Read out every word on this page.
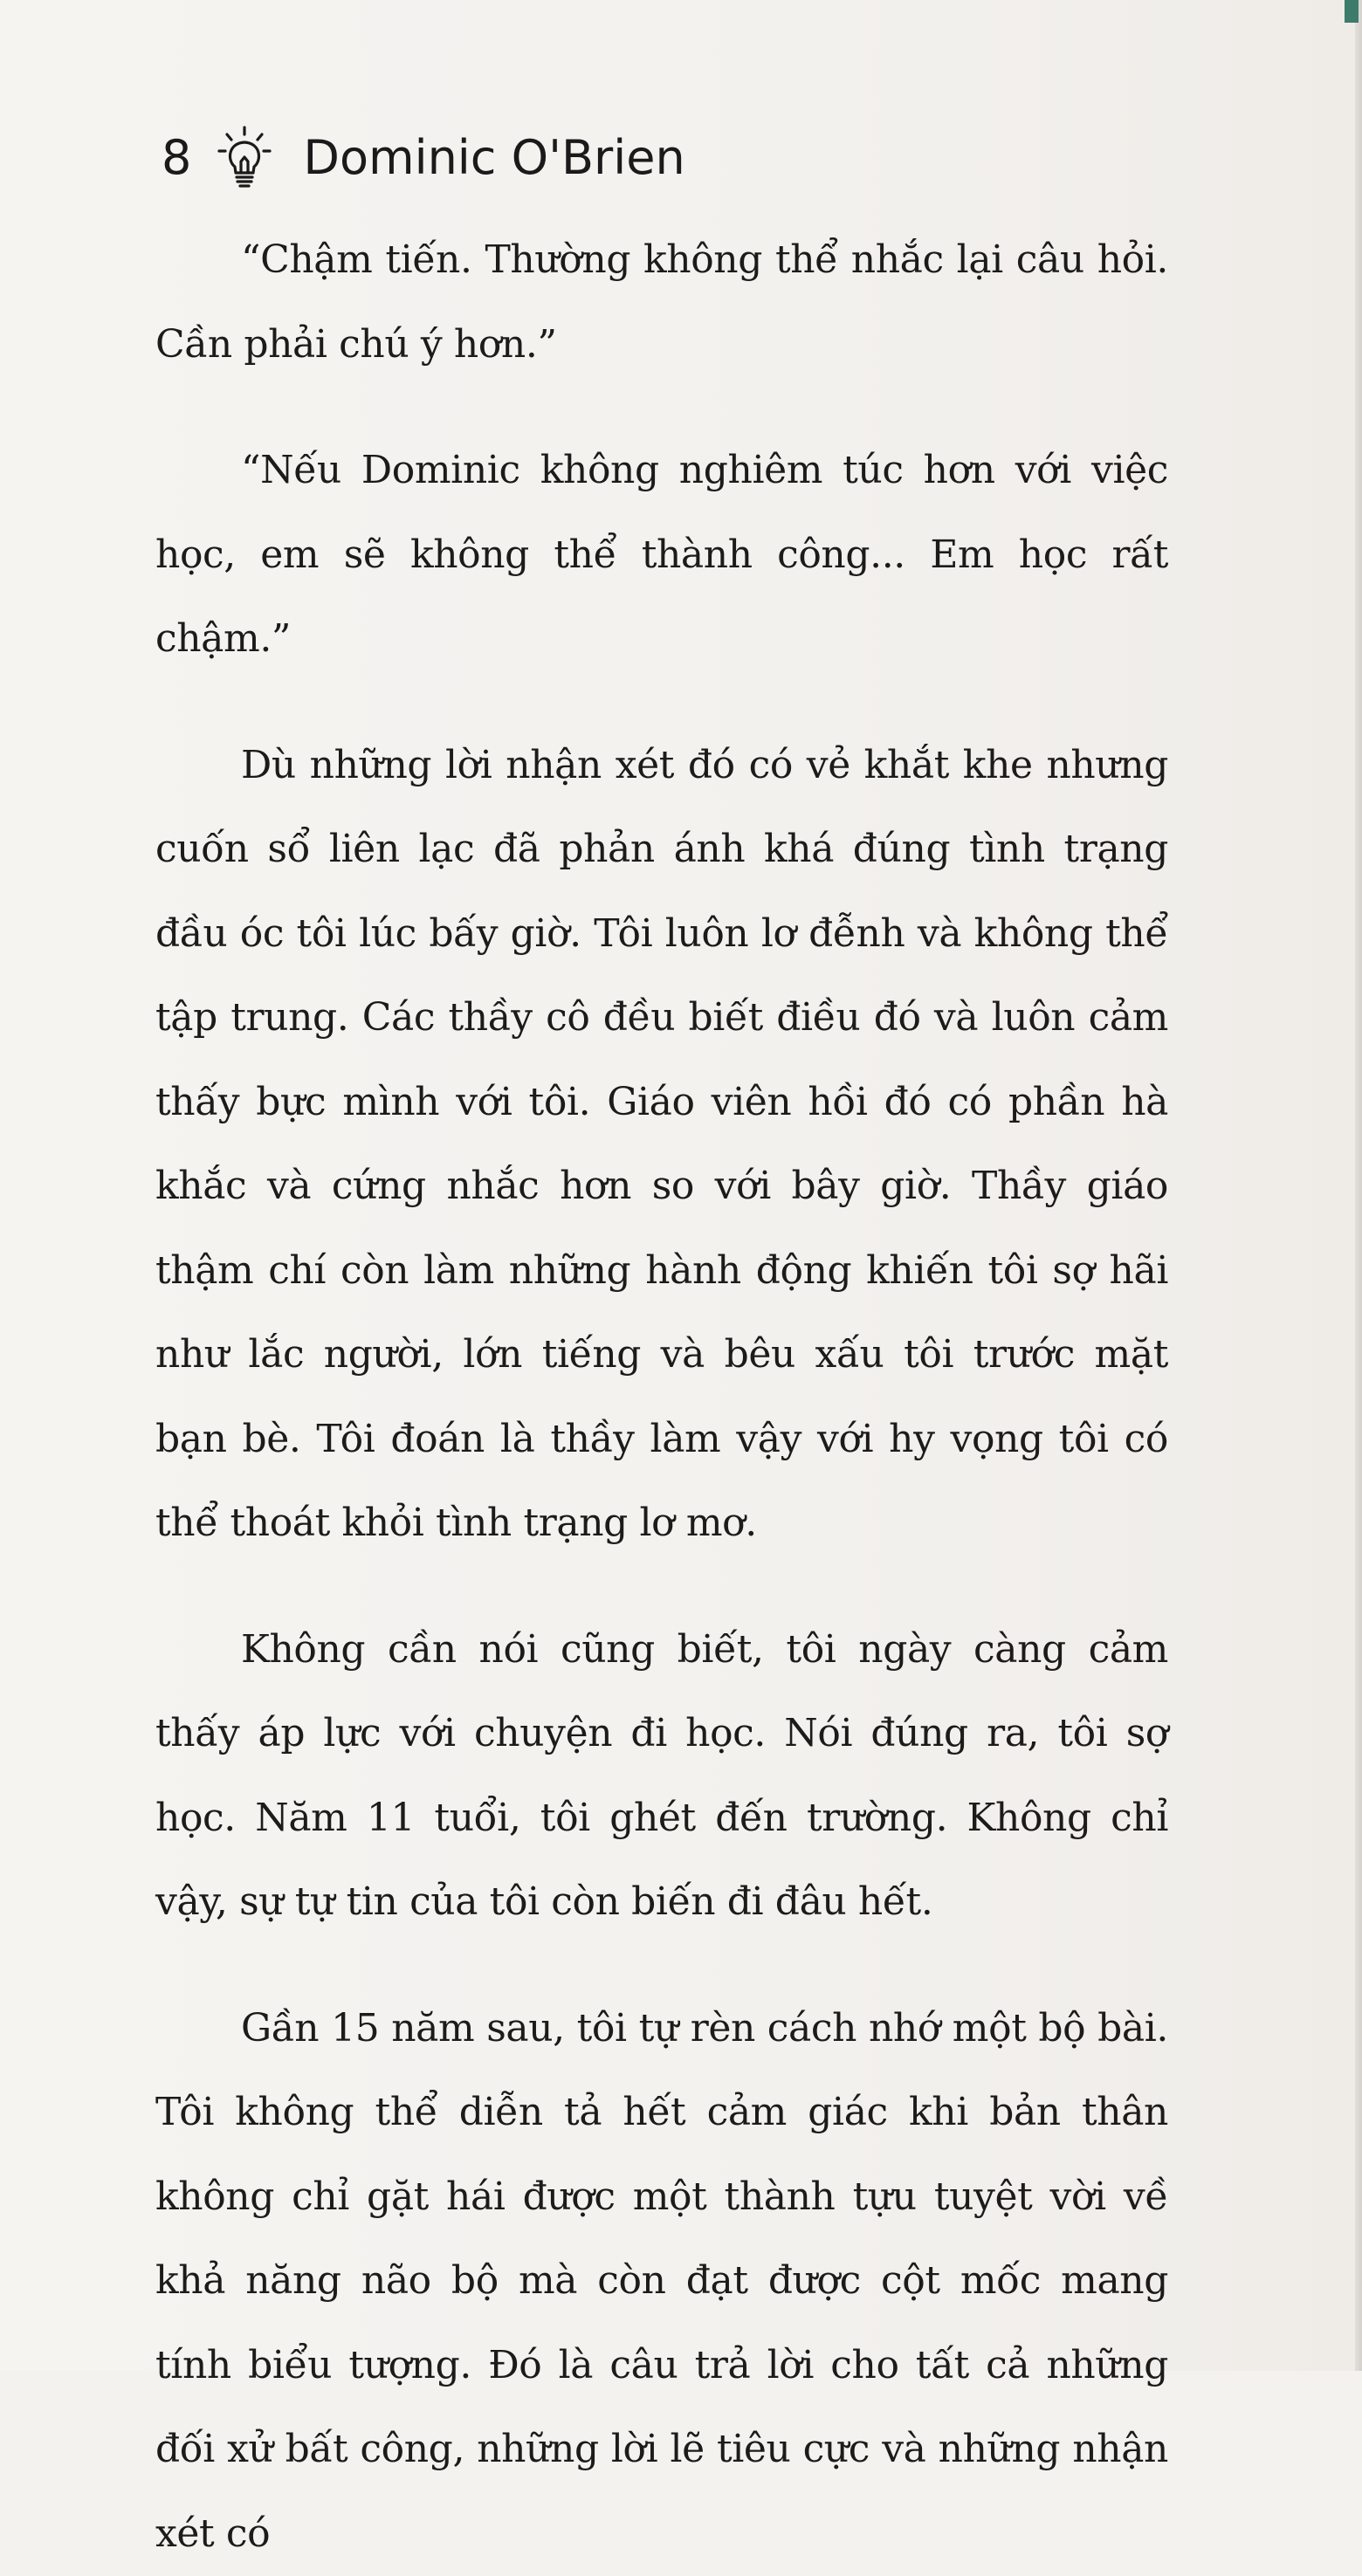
8 Dominic O'Brien

“Chậm tiến. Thường không thể nhắc lại câu hỏi. Cần phải chú ý hơn.”

“Nếu Dominic không nghiêm túc hơn với việc học, em sẽ không thể thành công... Em học rất chậm.”

Dù những lời nhận xét đó có vẻ khắt khe nhưng cuốn sổ liên lạc đã phản ánh khá đúng tình trạng đầu óc tôi lúc bấy giờ. Tôi luôn lơ đễnh và không thể tập trung. Các thầy cô đều biết điều đó và luôn cảm thấy bực mình với tôi. Giáo viên hồi đó có phần hà khắc và cứng nhắc hơn so với bây giờ. Thầy giáo thậm chí còn làm những hành động khiến tôi sợ hãi như lắc người, lớn tiếng và bêu xấu tôi trước mặt bạn bè. Tôi đoán là thầy làm vậy với hy vọng tôi có thể thoát khỏi tình trạng lơ mơ.

Không cần nói cũng biết, tôi ngày càng cảm thấy áp lực với chuyện đi học. Nói đúng ra, tôi sợ học. Năm 11 tuổi, tôi ghét đến trường. Không chỉ vậy, sự tự tin của tôi còn biến đi đâu hết.

Gần 15 năm sau, tôi tự rèn cách nhớ một bộ bài. Tôi không thể diễn tả hết cảm giác khi bản thân không chỉ gặt hái được một thành tựu tuyệt vời về khả năng não bộ mà còn đạt được cột mốc mang tính biểu tượng. Đó là câu trả lời cho tất cả những đối xử bất công, những lời lẽ tiêu cực và những nhận xét có
